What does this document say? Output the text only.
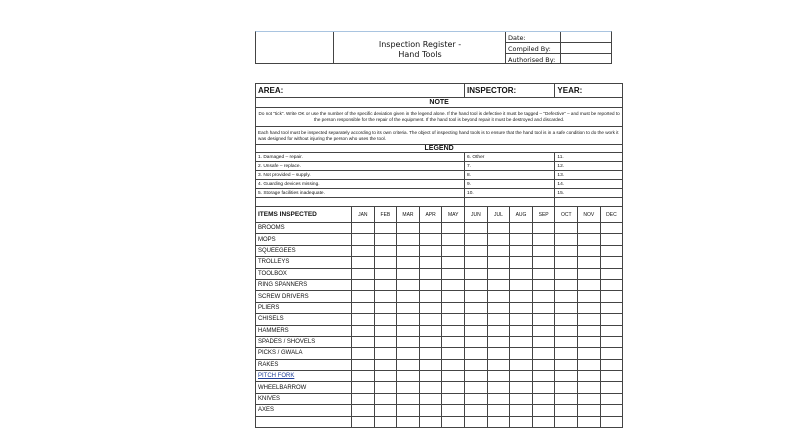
Inspection Register -
Hand Tools
Date:
Compiled By:
Authorised By:
AREA:						INSPECTOR:				YEAR:		
NOTE												
Do not "tick". Write OK or use the number of the specific deviation given in the legend alone. If the hand tool is defective it must be tagged – "Defective" – and must be reported to the person responsible for the repair of the equipment. If the hand tool is beyond repair it must be destroyed and discarded.												
Each hand tool must be inspected separately according to its own criteria. The object of inspecting hand tools is to ensure that the hand tool is in a safe condition to do the work it was designed for without injuring the person who uses the tool.												
LEGEND												
1. Damaged – repair.						6. Other				11.		
2. Unsafe – replace.						7.				12.		
3. Not provided – supply.						8.				13.		
4. Guarding devices missing.						9.				14.		
5. Storage facilities inadequate.						10.				15.		

ITEMS INSPECTED	JAN	FEB	MAR	APR	MAY	JUN	JUL	AUG	SEP	OCT	NOV	DEC
BROOMS												
MOPS												
SQUEEGEES												
TROLLEYS												
TOOLBOX												
RING SPANNERS												
SCREW DRIVERS												
PLIERS												
CHISELS												
HAMMERS												
SPADES / SHOVELS												
PICKS / GWALA												
RAKES												
PITCH FORK												
WHEELBARROW												
KNIVES												
AXES												
